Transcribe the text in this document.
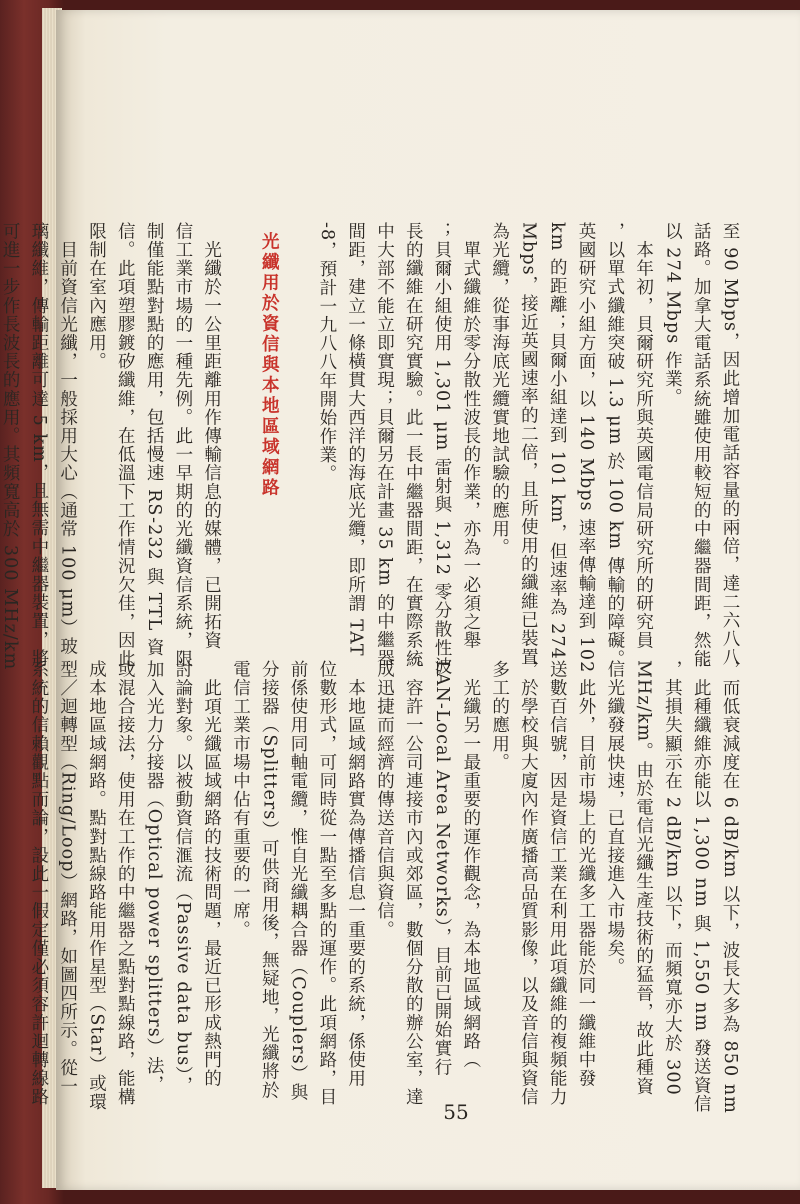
至 90 Mbps，因此增加電話容量的兩倍，達二六八八

話路。加拿大電話系統雖使用較短的中繼器間距，然能

以 274 Mbps 作業。

　本年初，貝爾研究所與英國電信局研究所的研究員

，以單式纖維突破 1.3 μm 於 100 km 傳輸的障礙。

英國研究小組方面，以 140 Mbps 速率傳輸達到 102

km 的距離；貝爾小組達到 101 km，但速率為 274

Mbps，接近英國速率的二倍，且所使用的纖維已裝置

為光纜，從事海底光纜實地試驗的應用。

　單式纖維於零分散性波長的作業，亦為一必須之舉

；貝爾小組使用 1,301 μm 雷射與 1,312 零分散性波

長的纖維在研究實驗。此一長中繼器間距，在實際系統

中大部不能立即實現；貝爾另在計畫 35 km 的中繼器

間距，建立一條橫貫大西洋的海底光纜，即所謂 TAT

-8，預計一九八八年開始作業。

光纖用於資信與本地區域網路

　光纖於一公里距離用作傳輸信息的媒體，已開拓資

信工業市場的一種先例。此一早期的光纖資信系統，限

制僅能點對點的應用，包括慢速 RS-232 與 TTL 資

信。此項塑膠鍍矽纖維，在低溫下工作情況欠佳，因此

限制在室內應用。

　目前資信光纖，一般採用大心（通常 100 μm）玻

璃纖維，傳輸距離可達 5 km，且無需中繼器裝置，將

可進一步作長波長的應用。其頻寬高於 300 MHz/km

，而低衰減度在 6 dB/km 以下，波長大多為 850 nm

。此種纖維亦能以 1,300 nm 與 1,550 nm 發送資信

，其損失顯示在 2 dB/km 以下，而頻寬亦大於 300

MHz/km。由於電信光纖生產技術的猛晉，故此種資

信光纖發展快速，已直接進入市場矣。

　此外，目前市場上的光纖多工器能於同一纖維中發

送數百信號，因是資信工業在利用此項纖維的複頻能力

，於學校與大廈內作廣播高品質影像，以及音信與資信

多工的應用。

　光纖另一最重要的運作觀念，為本地區域網路（

LAN-Local Area Networks），目前已開始實行

。容許一公司連接市內或郊區，數個分散的辦公室，達

成迅捷而經濟的傳送音信與資信。

　本地區域網路實為傳播信息一重要的系統，係使用

位數形式，可同時從一點至多點的運作。此項網路，目

前係使用同軸電纜，惟自光纖耦合器（Couplers）與

分接器（Splitters）可供商用後，無疑地，光纖將於

電信工業市場中佔有重要的一席。

　此項光纖區域網路的技術問題，最近已形成熱門的

討論對象。以被動資信滙流（Passive data bus），

加入光力分接器（Optical power splitters）法，

或混合接法，使用在工作的中繼器之點對點線路，能構

成本地區域網路。點對點線路能用作星型（Star）或環

型／迴轉型（Ring/Loop）網路，如圖四所示。從一

系統的信賴觀點而論，設此一假定僅必須容許迴轉線路

55
